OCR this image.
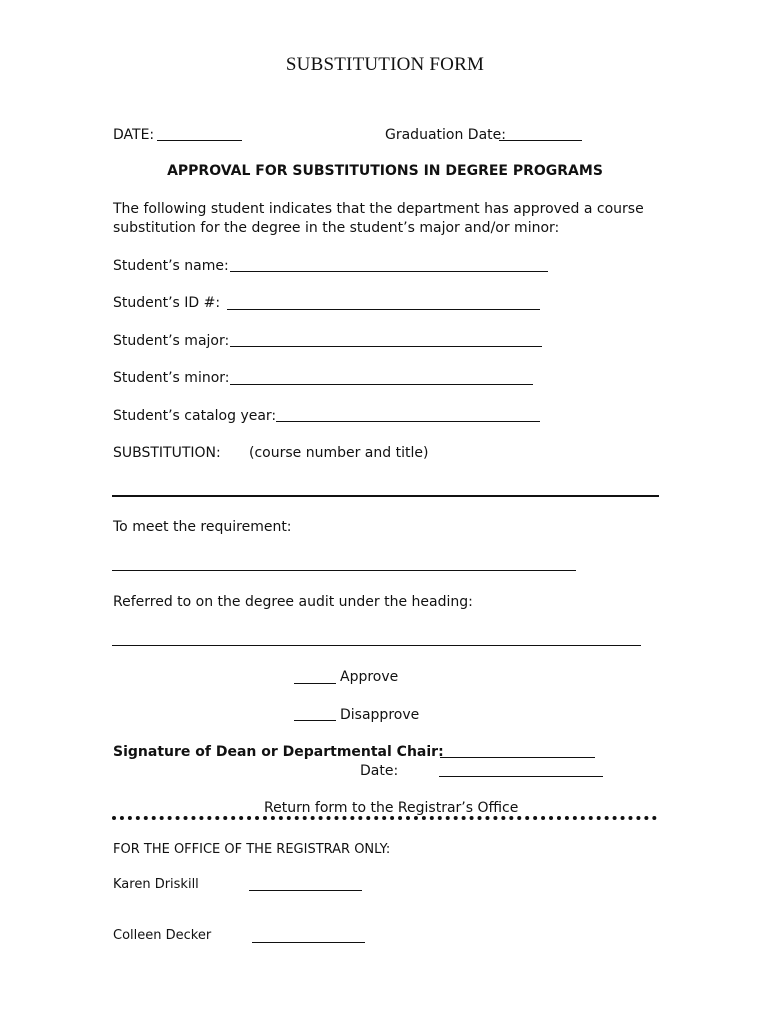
SUBSTITUTION FORM
DATE:	Graduation Date:
APPROVAL FOR SUBSTITUTIONS IN DEGREE PROGRAMS
The following student indicates that the department has approved a course
substitution for the degree in the student’s major and/or minor:
Student’s name:
Student’s ID #:
Student’s major:
Student’s minor:
Student’s catalog year:
SUBSTITUTION: (course number and title)
To meet the requirement:
Referred to on the degree audit under the heading:
Approve
Disapprove
Signature of Dean or Departmental Chair:
Date:
Return form to the Registrar’s Office
FOR THE OFFICE OF THE REGISTRAR ONLY:
Karen Driskill
Colleen Decker
